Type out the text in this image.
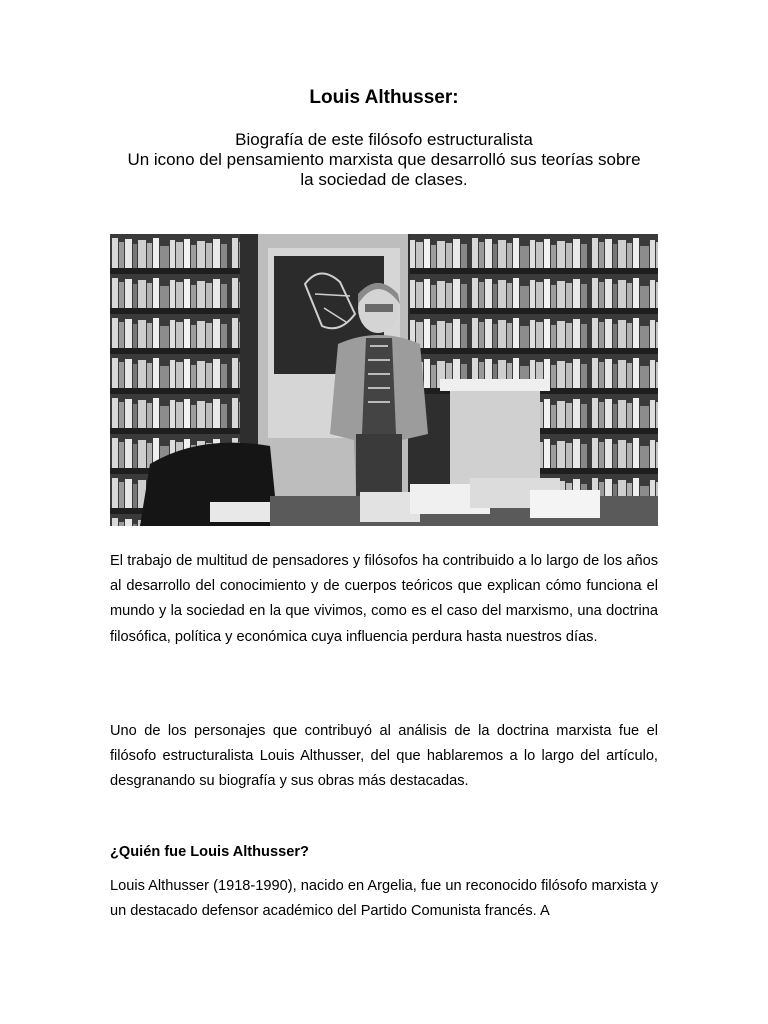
Louis Althusser:
Biografía de este filósofo estructuralista
Un icono del pensamiento marxista que desarrolló sus teorías sobre
la sociedad de clases.

El trabajo de multitud de pensadores y filósofos ha contribuido a lo largo de los años al desarrollo del conocimiento y de cuerpos teóricos que explican cómo funciona el mundo y la sociedad en la que vivimos, como es el caso del marxismo, una doctrina filosófica, política y económica cuya influencia perdura hasta nuestros días.

Uno de los personajes que contribuyó al análisis de la doctrina marxista fue el filósofo estructuralista Louis Althusser, del que hablaremos a lo largo del artículo, desgranando su biografía y sus obras más destacadas.

¿Quién fue Louis Althusser?

Louis Althusser (1918-1990), nacido en Argelia, fue un reconocido filósofo marxista y un destacado defensor académico del Partido Comunista francés. A
